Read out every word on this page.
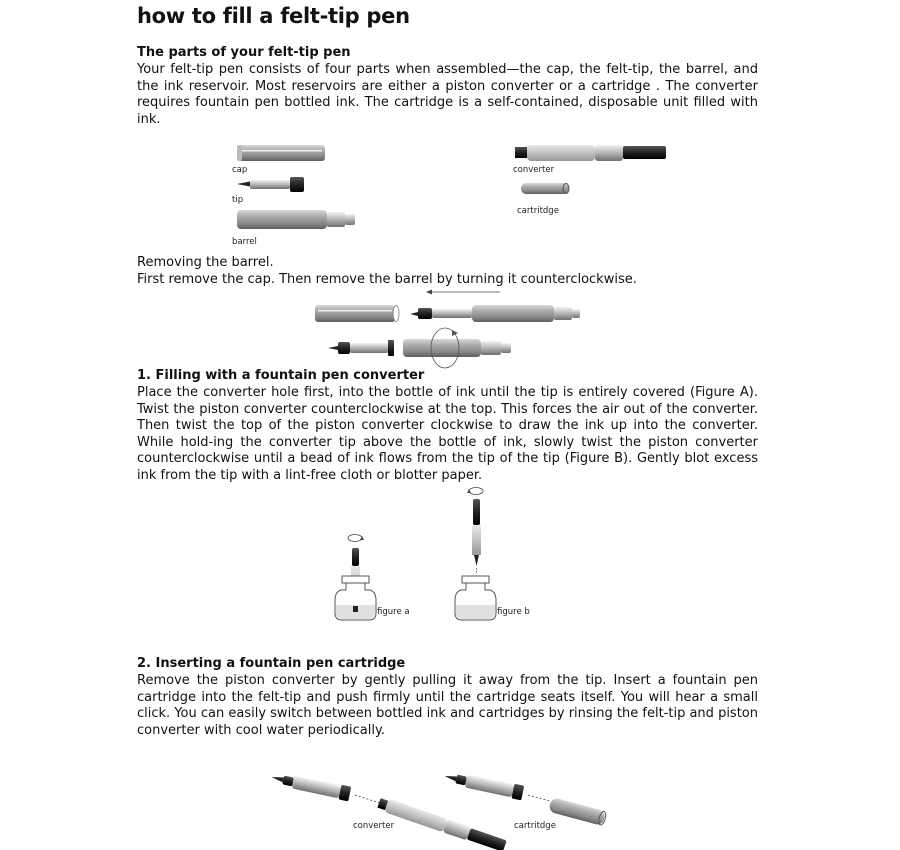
how to fill a felt-tip pen
The parts of your felt-tip pen
Your felt-tip pen consists of four parts when assembled—the cap, the felt-tip, the barrel, and the ink reservoir. Most reservoirs are either a piston converter or a cartridge . The converter requires fountain pen bottled ink. The cartridge is a self-contained, disposable unit filled with ink.
cap
tip
barrel
converter
cartritdge
Removing the barrel.
First remove the cap. Then remove the barrel by turning it counterclockwise.
1. Filling with a fountain pen converter
Place the converter hole first, into the bottle of ink until the tip is entirely covered (Figure A). Twist the piston converter counterclockwise at the top. This forces the air out of the converter. Then twist the top of the piston converter clockwise to draw the ink up into the converter. While hold-ing the converter tip above the bottle of ink, slowly twist the piston converter counterclockwise until a bead of ink flows from the tip of the tip (Figure B). Gently blot excess ink from the tip with a lint-free cloth or blotter paper.
figure a	figure b
2. Inserting a fountain pen cartridge
Remove the piston converter by gently pulling it away from the tip. Insert a fountain pen cartridge into the felt-tip and push firmly until the cartridge seats itself. You will hear a small click. You can easily switch between bottled ink and cartridges by rinsing the felt-tip and piston converter with cool water periodically.
converter	cartritdge
